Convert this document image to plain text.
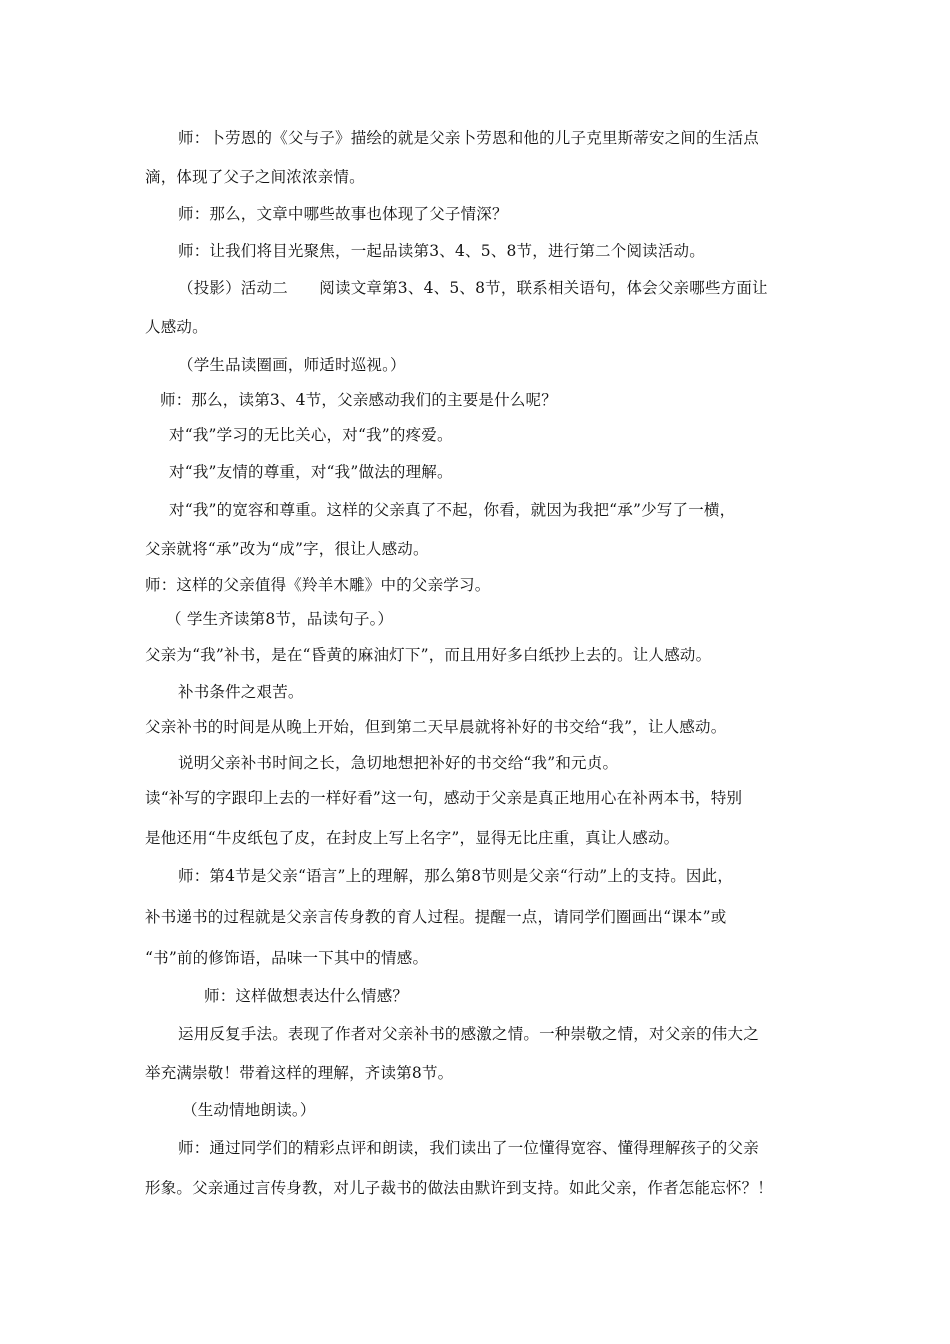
师：卜劳恩的《父与子》描绘的就是父亲卜劳恩和他的儿子克里斯蒂安之间的生活点
滴，体现了父子之间浓浓亲情。
师：那么，文章中哪些故事也体现了父子情深？
师：让我们将目光聚焦，一起品读第3、4、5、8节，进行第二个阅读活动。
（投影）活动二　　阅读文章第3、4、5、8节，联系相关语句，体会父亲哪些方面让
人感动。
（学生品读圈画，师适时巡视。）
师：那么，读第3、4节，父亲感动我们的主要是什么呢？
对“我”学习的无比关心，对“我”的疼爱。
对“我”友情的尊重，对“我”做法的理解。
对“我”的宽容和尊重。这样的父亲真了不起，你看，就因为我把“承”少写了一横，
父亲就将“承”改为“成”字，很让人感动。
师：这样的父亲值得《羚羊木雕》中的父亲学习。
（ 学生齐读第8节，品读句子。）
父亲为“我”补书，是在“昏黄的麻油灯下”，而且用好多白纸抄上去的。让人感动。
补书条件之艰苦。
父亲补书的时间是从晚上开始，但到第二天早晨就将补好的书交给“我”，让人感动。
说明父亲补书时间之长，急切地想把补好的书交给“我”和元贞。
读“补写的字跟印上去的一样好看”这一句，感动于父亲是真正地用心在补两本书，特别
是他还用“牛皮纸包了皮，在封皮上写上名字”，显得无比庄重，真让人感动。
师：第4节是父亲“语言”上的理解，那么第8节则是父亲“行动”上的支持。因此，
补书递书的过程就是父亲言传身教的育人过程。提醒一点，请同学们圈画出“课本”或
“书”前的修饰语，品味一下其中的情感。
师：这样做想表达什么情感？
运用反复手法。表现了作者对父亲补书的感激之情。一种崇敬之情，对父亲的伟大之
举充满崇敬！带着这样的理解，齐读第8节。
（生动情地朗读。）
师：通过同学们的精彩点评和朗读，我们读出了一位懂得宽容、懂得理解孩子的父亲
形象。父亲通过言传身教，对儿子裁书的做法由默许到支持。如此父亲，作者怎能忘怀？！
